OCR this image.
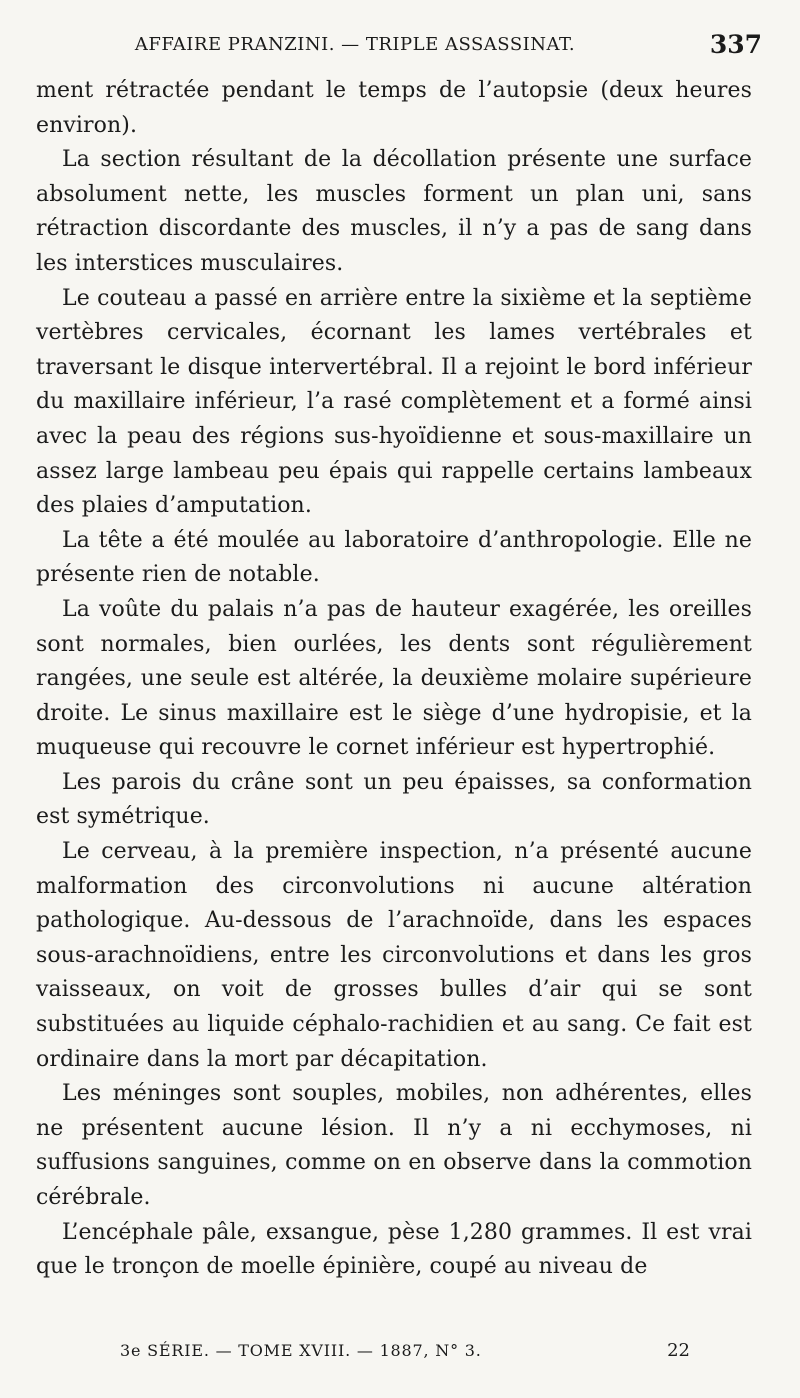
AFFAIRE PRANZINI. — TRIPLE ASSASSINAT.	337

ment rétractée pendant le temps de l’autopsie (deux heures environ).

La section résultant de la décollation présente une surface absolument nette, les muscles forment un plan uni, sans rétraction discordante des muscles, il n’y a pas de sang dans les interstices musculaires.

Le couteau a passé en arrière entre la sixième et la septième vertèbres cervicales, écornant les lames vertébrales et traversant le disque intervertébral. Il a rejoint le bord inférieur du maxillaire inférieur, l’a rasé complètement et a formé ainsi avec la peau des régions sus-hyoïdienne et sous-maxillaire un assez large lambeau peu épais qui rappelle certains lambeaux des plaies d’amputation.

La tête a été moulée au laboratoire d’anthropologie. Elle ne présente rien de notable.

La voûte du palais n’a pas de hauteur exagérée, les oreilles sont normales, bien ourlées, les dents sont régulièrement rangées, une seule est altérée, la deuxième molaire supérieure droite. Le sinus maxillaire est le siège d’une hydropisie, et la muqueuse qui recouvre le cornet inférieur est hypertrophié.

Les parois du crâne sont un peu épaisses, sa conformation est symétrique.

Le cerveau, à la première inspection, n’a présenté aucune malformation des circonvolutions ni aucune altération pathologique. Au-dessous de l’arachnoïde, dans les espaces sous-arachnoïdiens, entre les circonvolutions et dans les gros vaisseaux, on voit de grosses bulles d’air qui se sont substituées au liquide céphalo-rachidien et au sang. Ce fait est ordinaire dans la mort par décapitation.

Les méninges sont souples, mobiles, non adhérentes, elles ne présentent aucune lésion. Il n’y a ni ecchymoses, ni suffusions sanguines, comme on en observe dans la commotion cérébrale.

L’encéphale pâle, exsangue, pèse 1,280 grammes. Il est vrai que le tronçon de moelle épinière, coupé au niveau de

3e SÉRIE. — TOME XVIII. — 1887, N° 3.	22
